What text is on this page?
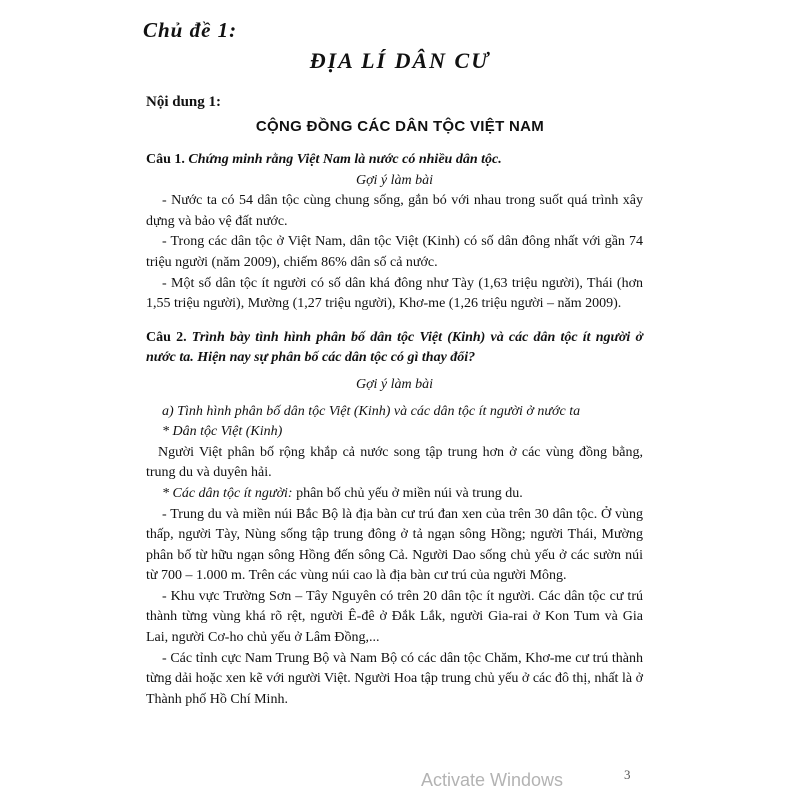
Chủ đề 1:
ĐỊA LÍ DÂN CƯ
Nội dung 1:
CỘNG ĐỒNG CÁC DÂN TỘC VIỆT NAM

Câu 1. Chứng minh rằng Việt Nam là nước có nhiều dân tộc.

Gợi ý làm bài

- Nước ta có 54 dân tộc cùng chung sống, gắn bó với nhau trong suốt quá trình xây dựng và bảo vệ đất nước.

- Trong các dân tộc ở Việt Nam, dân tộc Việt (Kinh) có số dân đông nhất với gần 74 triệu người (năm 2009), chiếm 86% dân số cả nước.

- Một số dân tộc ít người có số dân khá đông như Tày (1,63 triệu người), Thái (hơn 1,55 triệu người), Mường (1,27 triệu người), Khơ-me (1,26 triệu người – năm 2009).

Câu 2. Trình bày tình hình phân bố dân tộc Việt (Kinh) và các dân tộc ít người ở nước ta. Hiện nay sự phân bố các dân tộc có gì thay đổi?

Gợi ý làm bài

a) Tình hình phân bố dân tộc Việt (Kinh) và các dân tộc ít người ở nước ta

* Dân tộc Việt (Kinh)

Người Việt phân bố rộng khắp cả nước song tập trung hơn ở các vùng đồng bằng, trung du và duyên hải.

* Các dân tộc ít người: phân bố chủ yếu ở miền núi và trung du.

- Trung du và miền núi Bắc Bộ là địa bàn cư trú đan xen của trên 30 dân tộc. Ở vùng thấp, người Tày, Nùng sống tập trung đông ở tả ngạn sông Hồng; người Thái, Mường phân bố từ hữu ngạn sông Hồng đến sông Cả. Người Dao sống chủ yếu ở các sườn núi từ 700 – 1.000 m. Trên các vùng núi cao là địa bàn cư trú của người Mông.

- Khu vực Trường Sơn – Tây Nguyên có trên 20 dân tộc ít người. Các dân tộc cư trú thành từng vùng khá rõ rệt, người Ê-đê ở Đắk Lắk, người Gia-rai ở Kon Tum và Gia Lai, người Cơ-ho chủ yếu ở Lâm Đồng,...

- Các tỉnh cực Nam Trung Bộ và Nam Bộ có các dân tộc Chăm, Khơ-me cư trú thành từng dải hoặc xen kẽ với người Việt. Người Hoa tập trung chủ yếu ở các đô thị, nhất là ở Thành phố Hồ Chí Minh.

Activate Windows	3
